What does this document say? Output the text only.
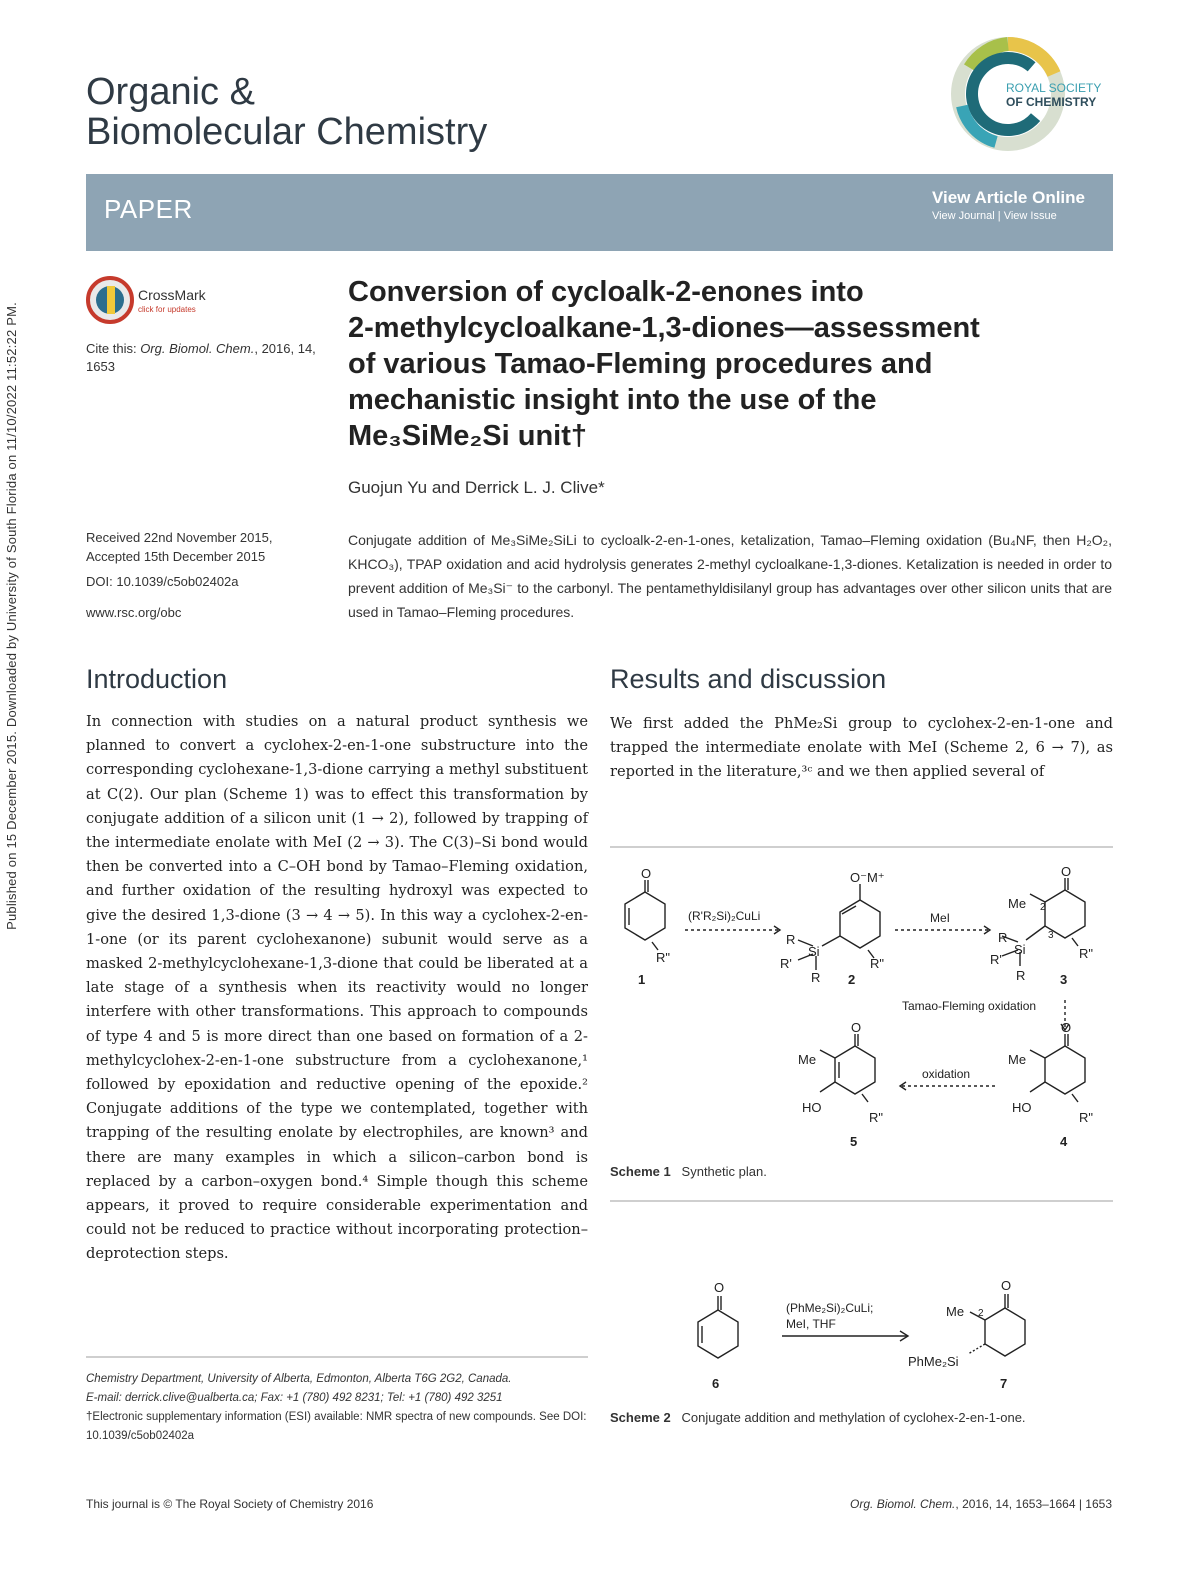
Published on 15 December 2015. Downloaded by University of South Florida on 11/10/2022 11:52:22 PM.
Organic &
Biomolecular Chemistry
ROYAL SOCIETY
OF CHEMISTRY
PAPER	View Article Online
View Journal | View Issue
CrossMark
click for updates
Cite this: Org. Biomol. Chem., 2016, 14, 1653
Conversion of cycloalk-2-enones into
2-methylcycloalkane-1,3-diones—assessment
of various Tamao-Fleming procedures and
mechanistic insight into the use of the
Me₃SiMe₂Si unit†
Guojun Yu and Derrick L. J. Clive*
Received 22nd November 2015,
Accepted 15th December 2015
DOI: 10.1039/c5ob02402a
www.rsc.org/obc
Conjugate addition of Me₃SiMe₂SiLi to cycloalk-2-en-1-ones, ketalization, Tamao–Fleming oxidation (Bu₄NF, then H₂O₂, KHCO₃), TPAP oxidation and acid hydrolysis generates 2-methyl cycloalkane-1,3-diones. Ketalization is needed in order to prevent addition of Me₃Si⁻ to the carbonyl. The pentamethyldisilanyl group has advantages over other silicon units that are used in Tamao–Fleming procedures.
Introduction	Results and discussion
In connection with studies on a natural product synthesis we planned to convert a cyclohex-2-en-1-one substructure into the corresponding cyclohexane-1,3-dione carrying a methyl substituent at C(2). Our plan (Scheme 1) was to effect this transformation by conjugate addition of a silicon unit (1 → 2), followed by trapping of the intermediate enolate with MeI (2 → 3). The C(3)–Si bond would then be converted into a C–OH bond by Tamao–Fleming oxidation, and further oxidation of the resulting hydroxyl was expected to give the desired 1,3-dione (3 → 4 → 5). In this way a cyclohex-2-en-1-one (or its parent cyclohexanone) subunit would serve as a masked 2-methylcyclohexane-1,3-dione that could be liberated at a late stage of a synthesis when its reactivity would no longer interfere with other transformations. This approach to compounds of type 4 and 5 is more direct than one based on formation of a 2-methylcyclohex-2-en-1-one substructure from a cyclohexanone,¹ followed by epoxidation and reductive opening of the epoxide.² Conjugate additions of the type we contemplated, together with trapping of the resulting enolate by electrophiles, are known³ and there are many examples in which a silicon–carbon bond is replaced by a carbon–oxygen bond.⁴ Simple though this scheme appears, it proved to require considerable experimentation and could not be reduced to practice without incorporating protection–deprotection steps.
We first added the PhMe₂Si group to cyclohex-2-en-1-one and trapped the intermediate enolate with MeI (Scheme 2, 6 → 7), as reported in the literature,³ᶜ and we then applied several of
O
R"
1
(R'R₂Si)₂CuLi
O⁻M⁺
R
Si
R'
R
R"
2
MeI
O
Me 2
3
R
Si
R'
R
R"
3
Tamao-Fleming oxidation
O
Me
HO
R"
4
oxidation
O
Me
HO
R"
5
Scheme 1 Synthetic plan.
O
6
(PhMe₂Si)₂CuLi;
MeI, THF
O
Me 2
PhMe₂Si
7
Scheme 2 Conjugate addition and methylation of cyclohex-2-en-1-one.
Chemistry Department, University of Alberta, Edmonton, Alberta T6G 2G2, Canada.
E-mail: derrick.clive@ualberta.ca; Fax: +1 (780) 492 8231; Tel: +1 (780) 492 3251
†Electronic supplementary information (ESI) available: NMR spectra of new compounds. See DOI: 10.1039/c5ob02402a
This journal is © The Royal Society of Chemistry 2016	Org. Biomol. Chem., 2016, 14, 1653–1664 | 1653
